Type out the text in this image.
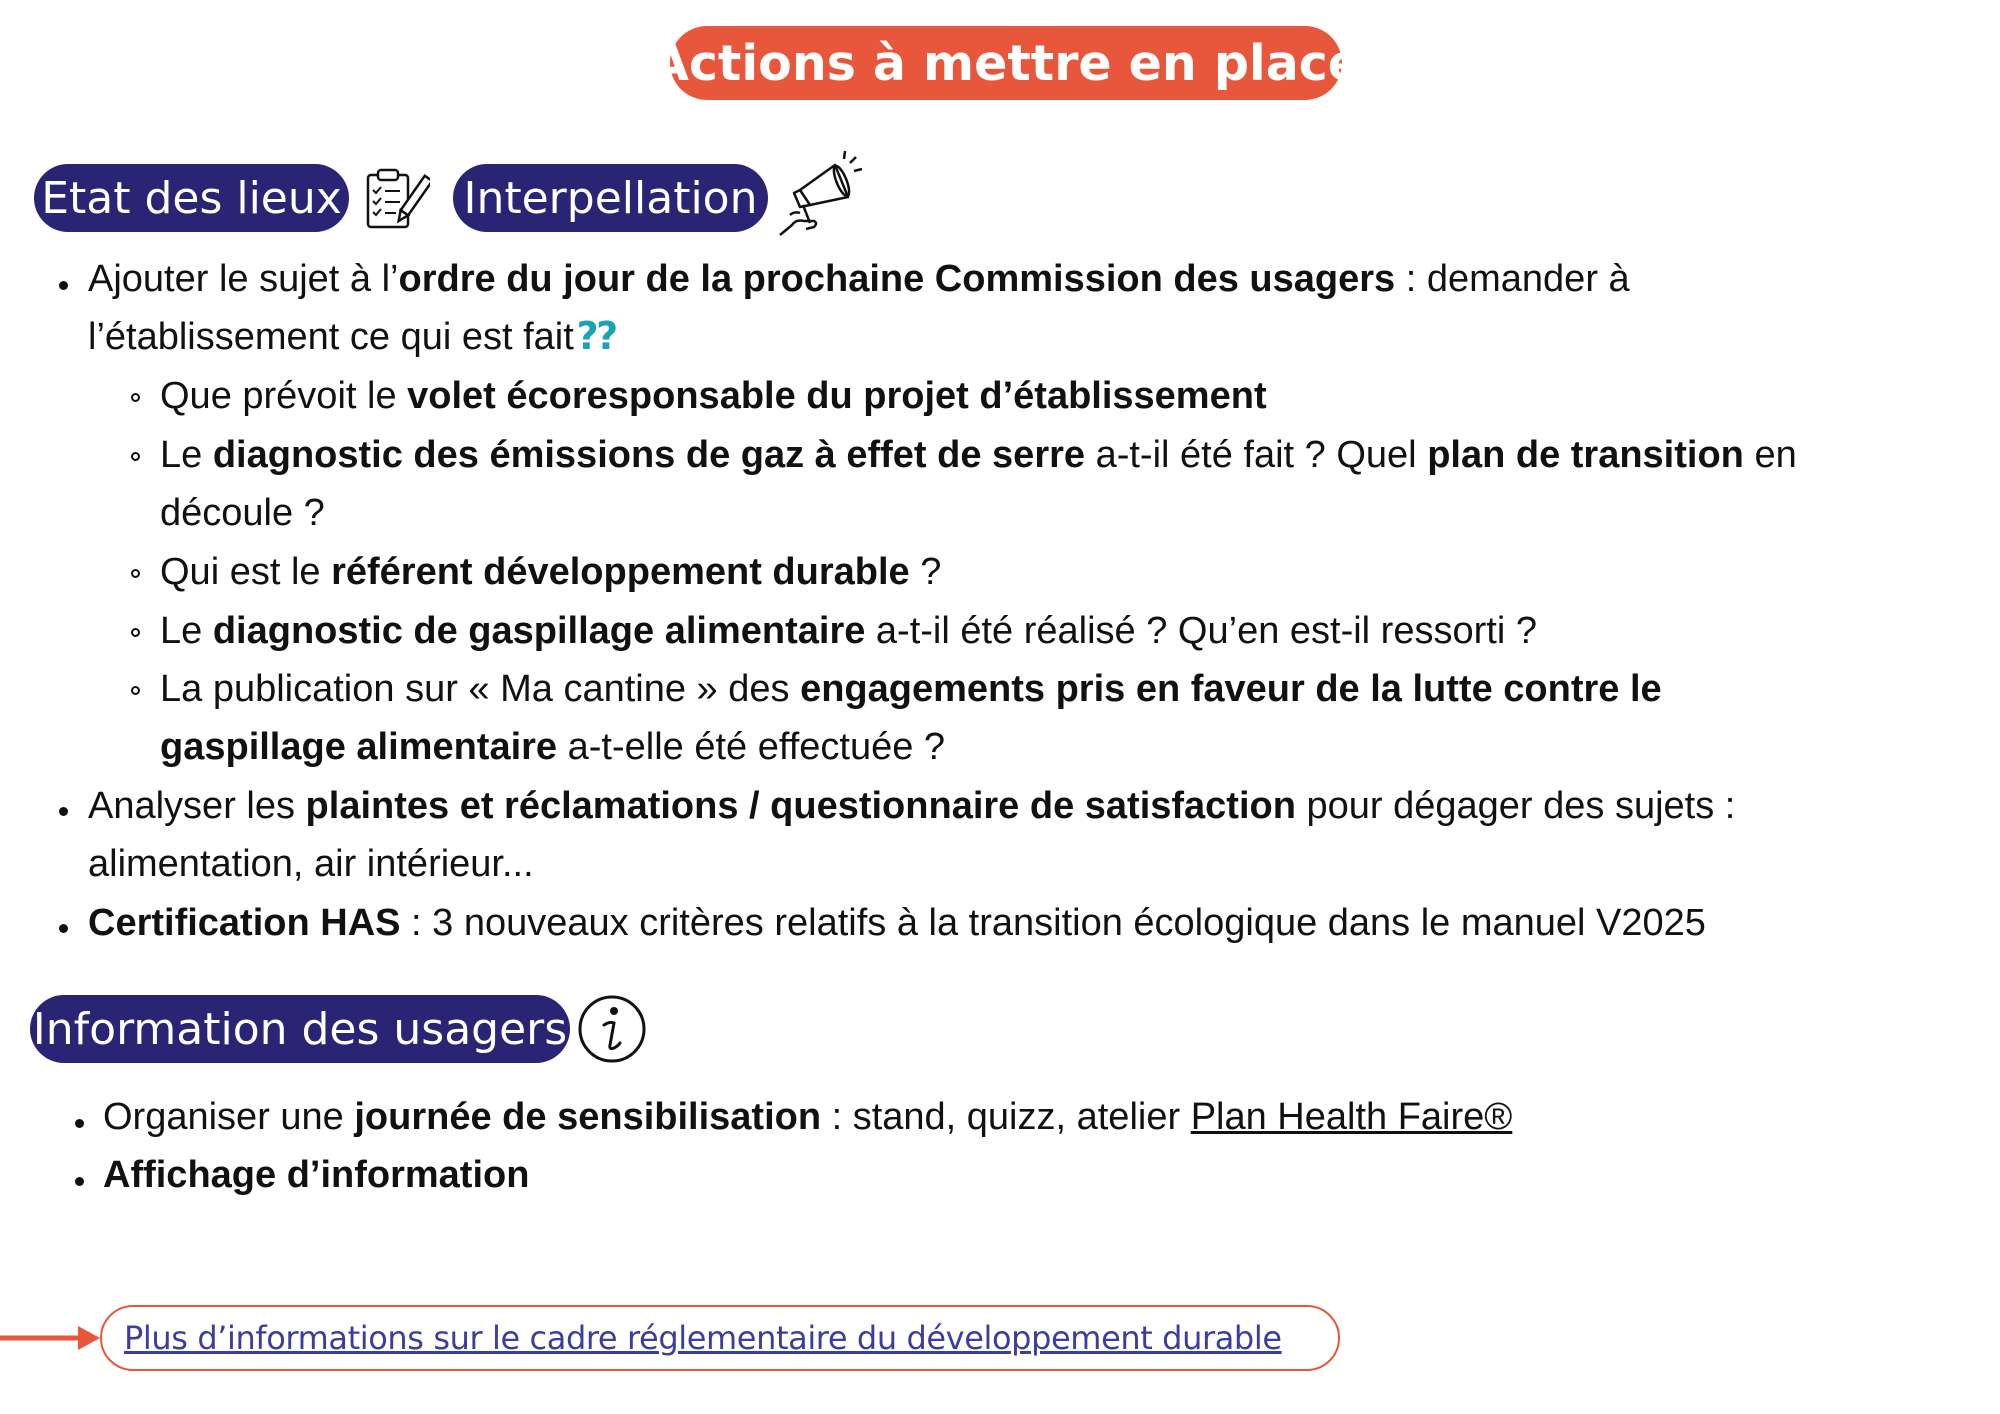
Actions à mettre en place
Etat des lieux	Interpellation
Ajouter le sujet à l’ordre du jour de la prochaine Commission des usagers : demander à
l’établissement ce qui est fait ⁇
Que prévoit le volet écoresponsable du projet d’établissement
Le diagnostic des émissions de gaz à effet de serre a-t-il été fait ? Quel plan de transition en
découle ?
Qui est le référent développement durable ?
Le diagnostic de gaspillage alimentaire a-t-il été réalisé ? Qu’en est-il ressorti ?
La publication sur « Ma cantine » des engagements pris en faveur de la lutte contre le
gaspillage alimentaire a-t-elle été effectuée ?
Analyser les plaintes et réclamations / questionnaire de satisfaction pour dégager des sujets :
alimentation, air intérieur...
Certification HAS : 3 nouveaux critères relatifs à la transition écologique dans le manuel V2025
Information des usagers
Organiser une journée de sensibilisation : stand, quizz, atelier Plan Health Faire®
Affichage d’information
Plus d’informations sur le cadre réglementaire du développement durable
